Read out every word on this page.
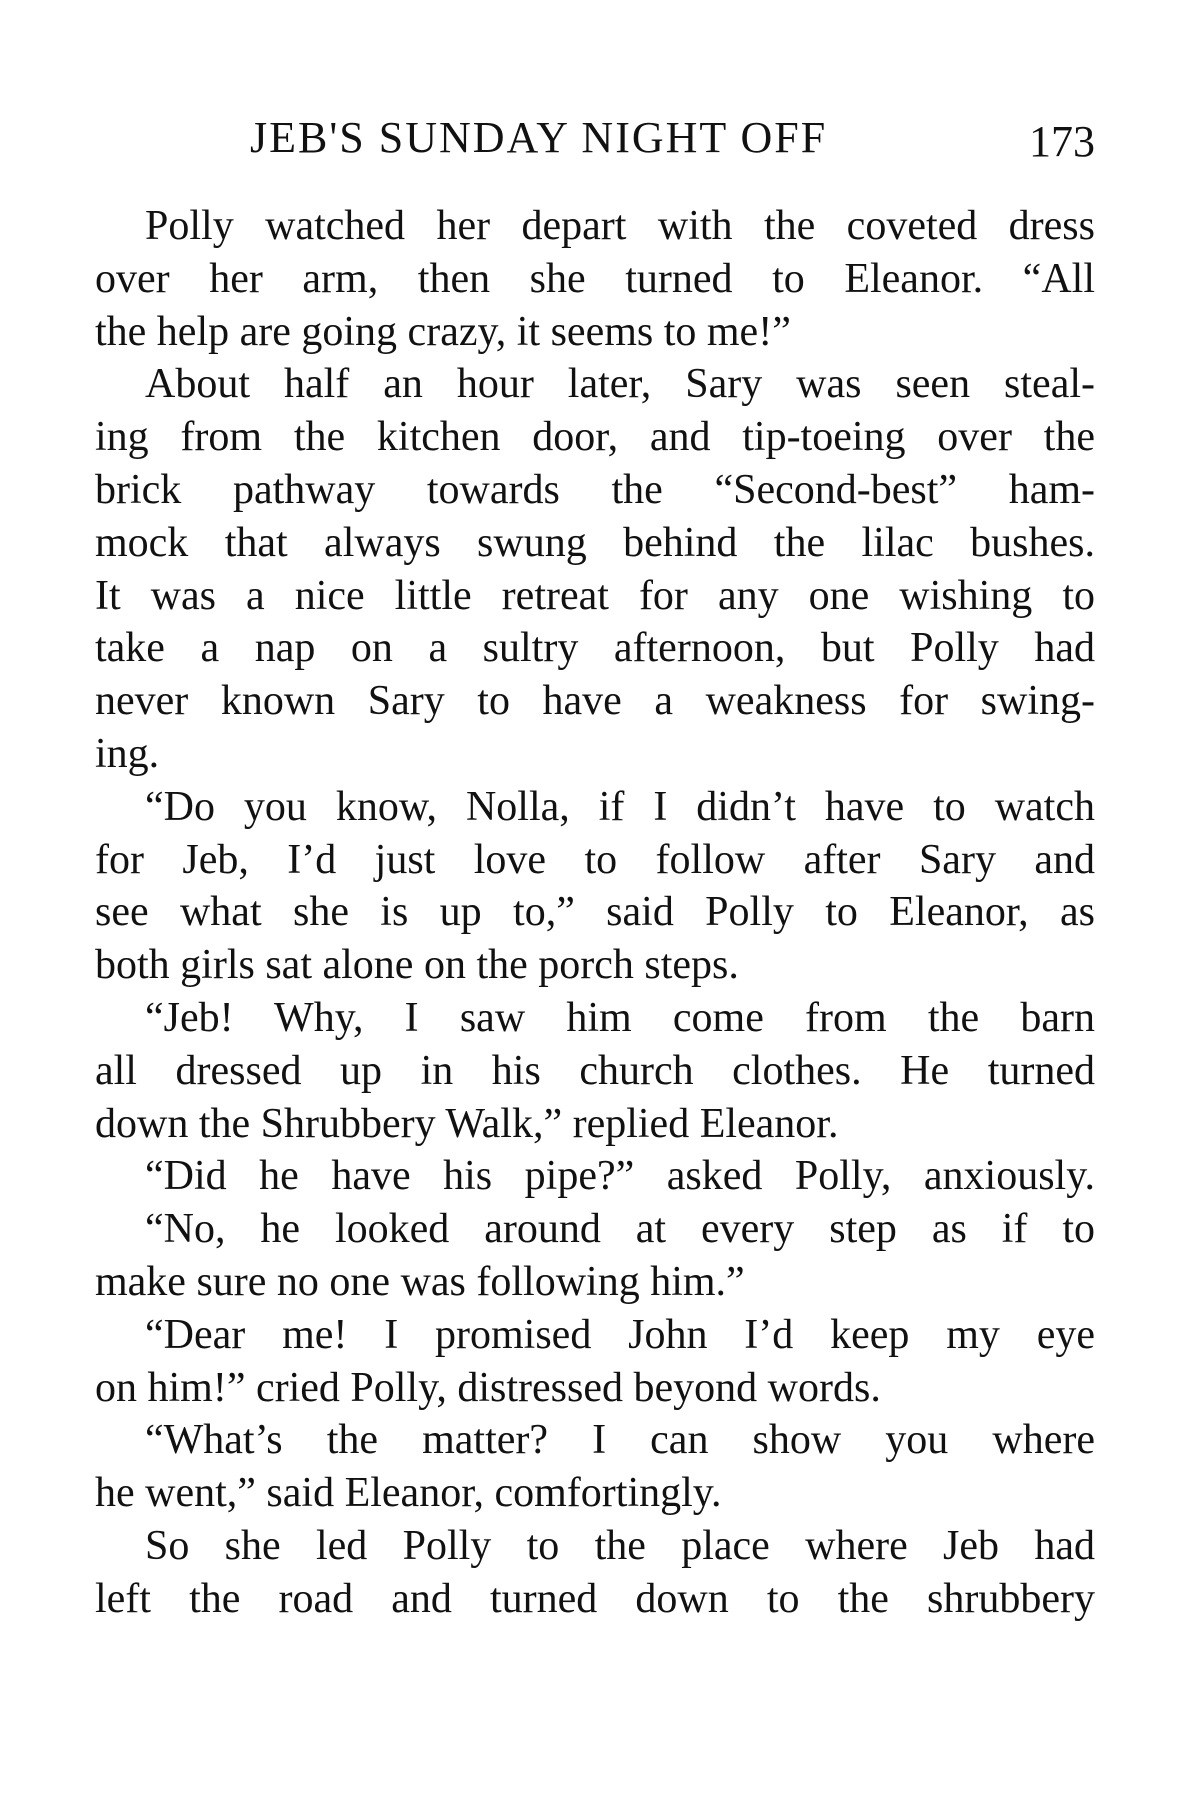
JEB'S SUNDAY NIGHT OFF	173
Polly watched her depart with the coveted dress
over her arm, then she turned to Eleanor. “All
the help are going crazy, it seems to me!”
About half an hour later, Sary was seen steal-
ing from the kitchen door, and tip-toeing over the
brick pathway towards the “Second-best” ham-
mock that always swung behind the lilac bushes.
It was a nice little retreat for any one wishing to
take a nap on a sultry afternoon, but Polly had
never known Sary to have a weakness for swing-
ing.
“Do you know, Nolla, if I didn’t have to watch
for Jeb, I’d just love to follow after Sary and
see what she is up to,” said Polly to Eleanor, as
both girls sat alone on the porch steps.
“Jeb! Why, I saw him come from the barn
all dressed up in his church clothes. He turned
down the Shrubbery Walk,” replied Eleanor.
“Did he have his pipe?” asked Polly, anxiously.
“No, he looked around at every step as if to
make sure no one was following him.”
“Dear me! I promised John I’d keep my eye
on him!” cried Polly, distressed beyond words.
“What’s the matter? I can show you where
he went,” said Eleanor, comfortingly.
So she led Polly to the place where Jeb had
left the road and turned down to the shrubbery
